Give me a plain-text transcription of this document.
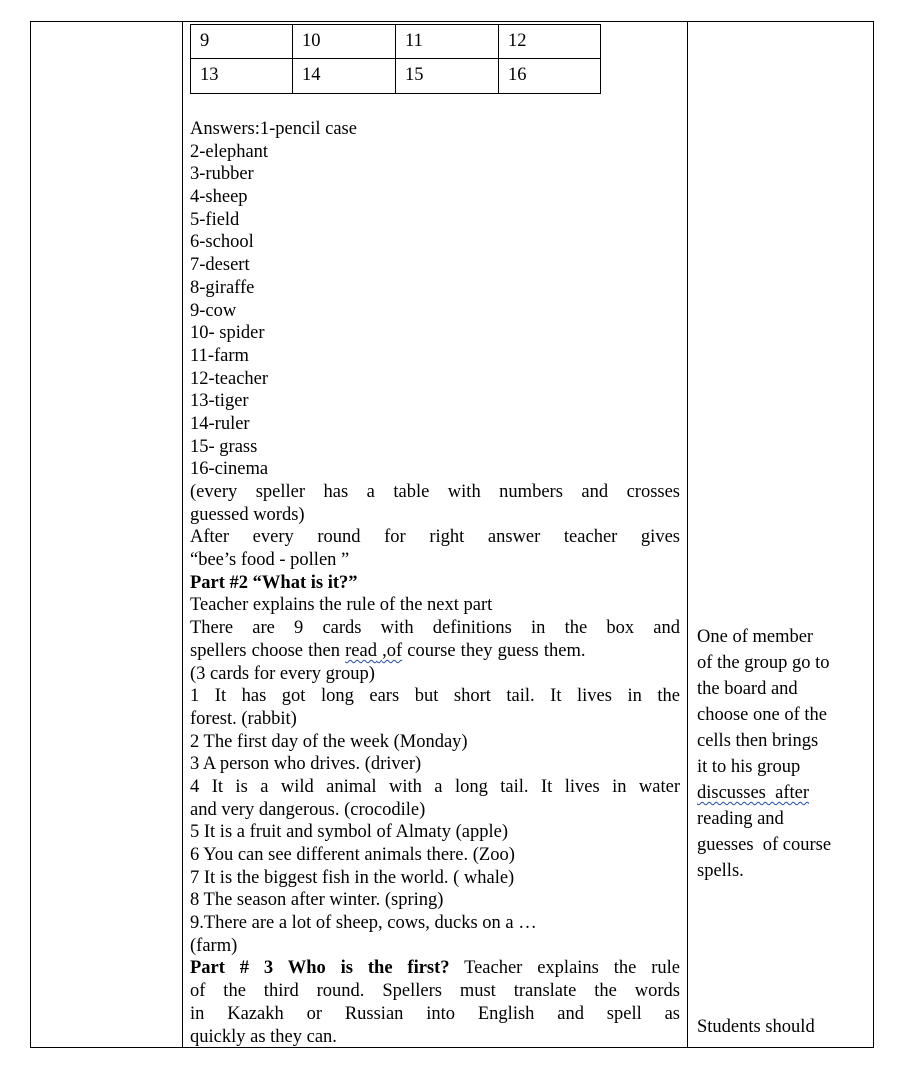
9	10	11	12
13	14	15	16
Answers:1-pencil case
2-elephant
3-rubber
4-sheep
5-field
6-school
7-desert
8-giraffe
9-cow
10- spider
11-farm
12-teacher
13-tiger
14-ruler
15- grass
16-cinema
(every speller has a table with numbers and crosses
guessed words)
After every round for right answer teacher gives
“bee’s food - pollen ”
Part #2 “What is it?”
Teacher explains the rule of the next part
There are 9 cards with definitions in the box and
spellers choose then read ,of course they guess them.
(3 cards for every group)
1 It has got long ears but short tail. It lives in the
forest. (rabbit)
2 The first day of the week (Monday)
3 A person who drives. (driver)
4 It is a wild animal with a long tail. It lives in water
and very dangerous. (crocodile)
5 It is a fruit and symbol of Almaty (apple)
6 You can see different animals there. (Zoo)
7 It is the biggest fish in the world. ( whale)
8 The season after winter. (spring)
9.There are a lot of sheep, cows, ducks on a …
(farm)
Part # 3 Who is the first? Teacher explains the rule
of the third round. Spellers must translate the words
in Kazakh or Russian into English and spell as
quickly as they can.
One of member
of the group go to
the board and
choose one of the
cells then brings
it to his group
discusses  after
reading and
guesses  of course
spells.
Students should
